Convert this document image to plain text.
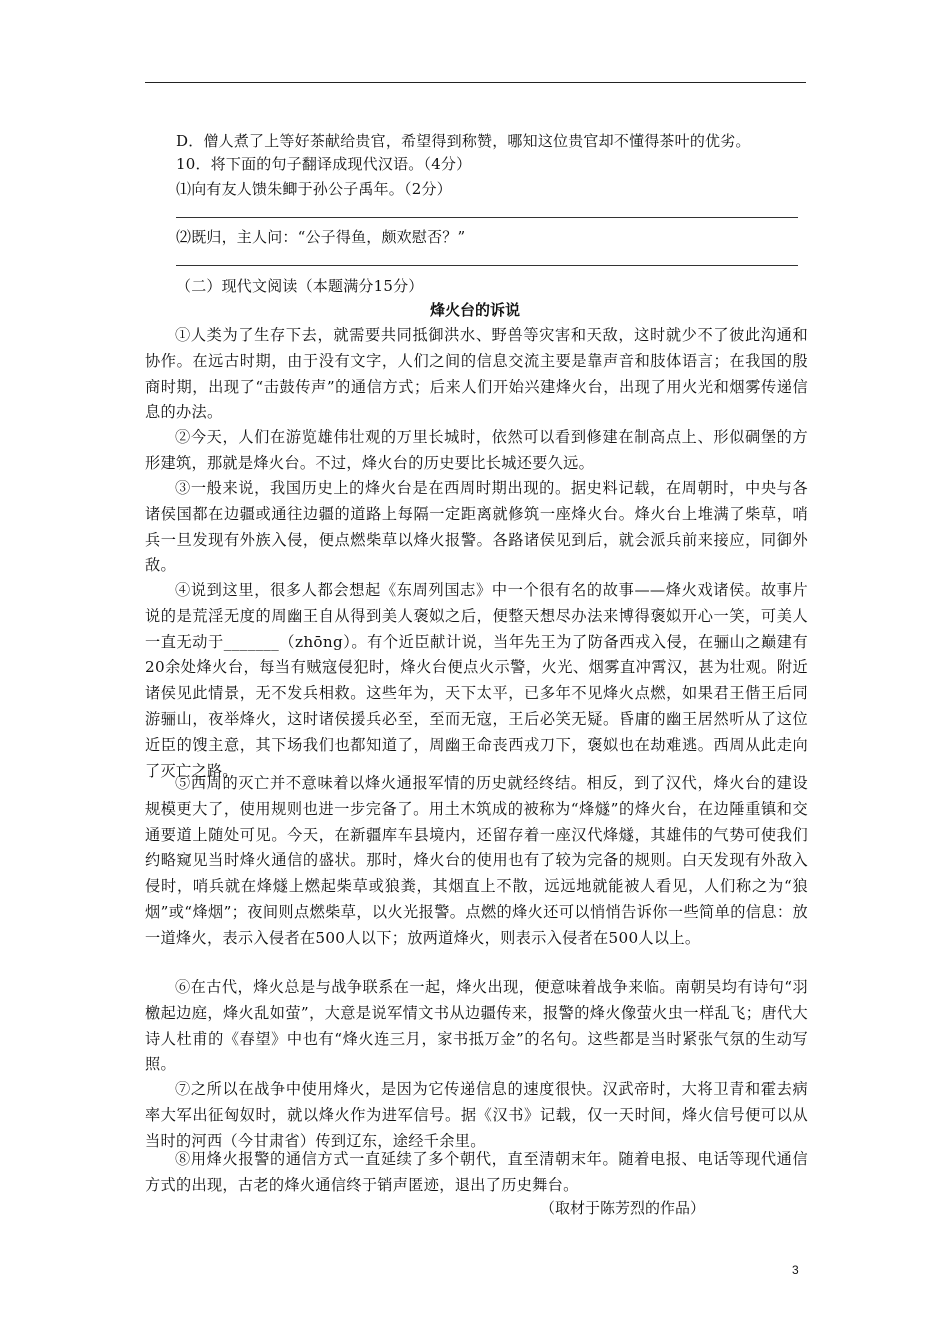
D．僧人煮了上等好茶献给贵官，希望得到称赞，哪知这位贵官却不懂得茶叶的优劣。
10．将下面的句子翻译成现代汉语。（4分）
⑴向有友人馈朱鲫于孙公子禹年。（2分）
⑵既归，主人问：“公子得鱼，颇欢慰否？”
（二）现代文阅读（本题满分15分）
烽火台的诉说
①人类为了生存下去，就需要共同抵御洪水、野兽等灾害和天敌，这时就少不了彼此沟通和协作。在远古时期，由于没有文字，人们之间的信息交流主要是靠声音和肢体语言；在我国的殷商时期，出现了“击鼓传声”的通信方式；后来人们开始兴建烽火台，出现了用火光和烟雾传递信息的办法。
②今天，人们在游览雄伟壮观的万里长城时，依然可以看到修建在制高点上、形似碉堡的方形建筑，那就是烽火台。不过，烽火台的历史要比长城还要久远。
③一般来说，我国历史上的烽火台是在西周时期出现的。据史料记载，在周朝时，中央与各诸侯国都在边疆或通往边疆的道路上每隔一定距离就修筑一座烽火台。烽火台上堆满了柴草，哨兵一旦发现有外族入侵，便点燃柴草以烽火报警。各路诸侯见到后，就会派兵前来接应，同御外敌。
④说到这里，很多人都会想起《东周列国志》中一个很有名的故事——烽火戏诸侯。故事片说的是荒淫无度的周幽王自从得到美人褒姒之后，便整天想尽办法来博得褒姒开心一笑，可美人一直无动于_______（zhōng）。有个近臣献计说，当年先王为了防备西戎入侵，在骊山之巅建有20余处烽火台，每当有贼寇侵犯时，烽火台便点火示警，火光、烟雾直冲霄汉，甚为壮观。附近诸侯见此情景，无不发兵相救。这些年为，天下太平，已多年不见烽火点燃，如果君王偕王后同游骊山，夜举烽火，这时诸侯援兵必至，至而无寇，王后必笑无疑。昏庸的幽王居然听从了这位近臣的馊主意，其下场我们也都知道了，周幽王命丧西戎刀下，褒姒也在劫难逃。西周从此走向了灭亡之路。
⑤西周的灭亡并不意味着以烽火通报军情的历史就经终结。相反，到了汉代，烽火台的建设规模更大了，使用规则也进一步完备了。用土木筑成的被称为“烽燧”的烽火台，在边陲重镇和交通要道上随处可见。今天，在新疆库车县境内，还留存着一座汉代烽燧，其雄伟的气势可使我们约略窥见当时烽火通信的盛状。那时，烽火台的使用也有了较为完备的规则。白天发现有外敌入侵时，哨兵就在烽燧上燃起柴草或狼粪，其烟直上不散，远远地就能被人看见，人们称之为“狼烟”或“烽烟”；夜间则点燃柴草，以火光报警。点燃的烽火还可以悄悄告诉你一些简单的信息：放一道烽火，表示入侵者在500人以下；放两道烽火，则表示入侵者在500人以上。
⑥在古代，烽火总是与战争联系在一起，烽火出现，便意味着战争来临。南朝吴均有诗句“羽檄起边庭，烽火乱如萤”，大意是说军情文书从边疆传来，报警的烽火像萤火虫一样乱飞；唐代大诗人杜甫的《春望》中也有“烽火连三月，家书抵万金”的名句。这些都是当时紧张气氛的生动写照。
⑦之所以在战争中使用烽火，是因为它传递信息的速度很快。汉武帝时，大将卫青和霍去病率大军出征匈奴时，就以烽火作为进军信号。据《汉书》记载，仅一天时间，烽火信号便可以从当时的河西（今甘肃省）传到辽东，途经千余里。
⑧用烽火报警的通信方式一直延续了多个朝代，直至清朝末年。随着电报、电话等现代通信方式的出现，古老的烽火通信终于销声匿迹，退出了历史舞台。
（取材于陈芳烈的作品）
3
